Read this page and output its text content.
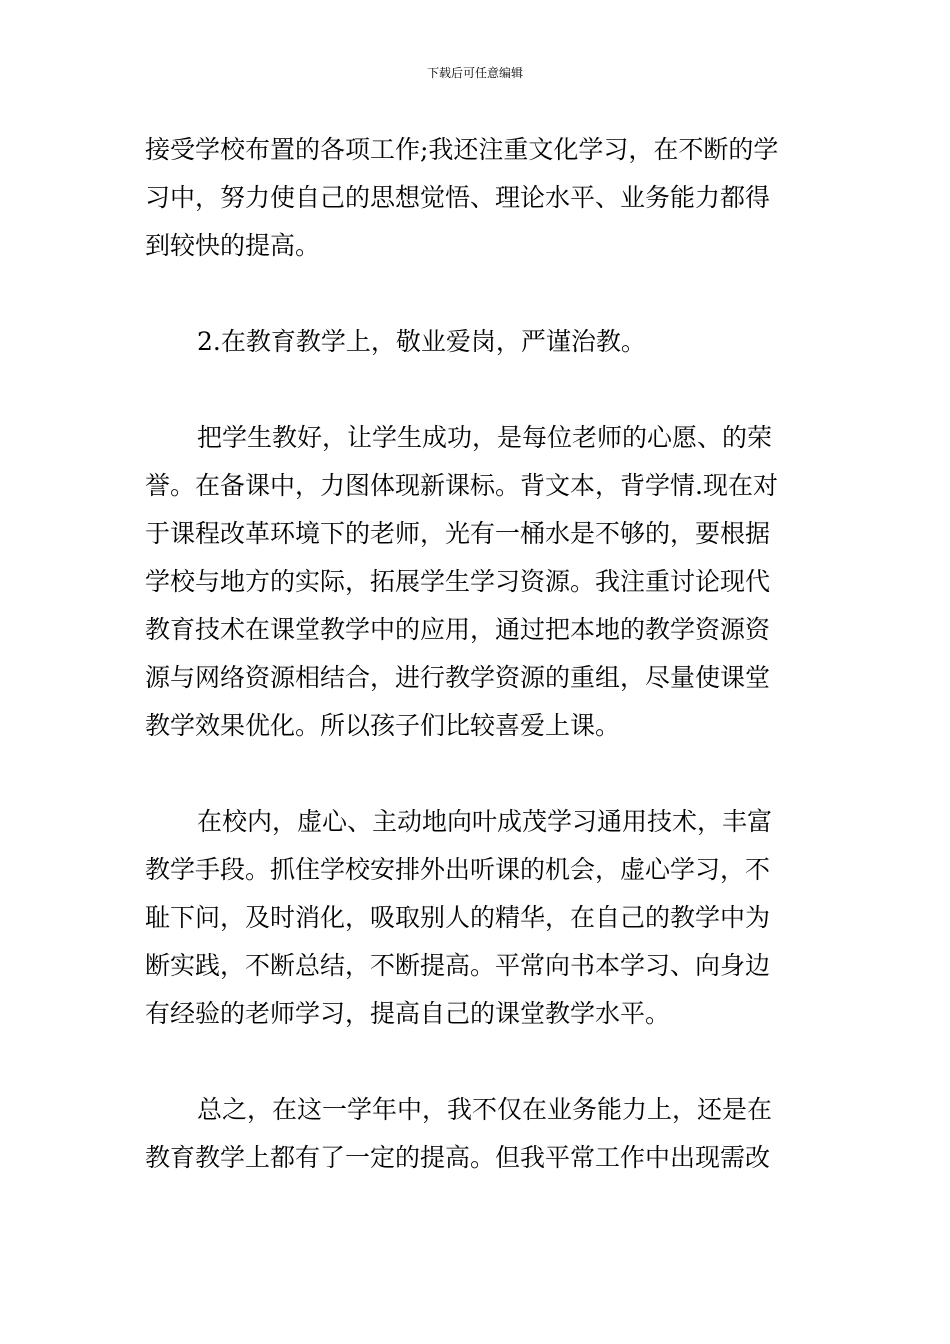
下载后可任意编辑
接受学校布置的各项工作;我还注重文化学习，在不断的学
习中，努力使自己的思想觉悟、理论水平、业务能力都得
到较快的提高。
2.在教育教学上，敬业爱岗，严谨治教。
把学生教好，让学生成功，是每位老师的心愿、的荣
誉。在备课中，力图体现新课标。背文本，背学情.现在对
于课程改革环境下的老师，光有一桶水是不够的，要根据
学校与地方的实际，拓展学生学习资源。我注重讨论现代
教育技术在课堂教学中的应用，通过把本地的教学资源资
源与网络资源相结合，进行教学资源的重组，尽量使课堂
教学效果优化。所以孩子们比较喜爱上课。
在校内，虚心、主动地向叶成茂学习通用技术，丰富
教学手段。抓住学校安排外出听课的机会，虚心学习，不
耻下问，及时消化，吸取别人的精华，在自己的教学中为
断实践，不断总结，不断提高。平常向书本学习、向身边
有经验的老师学习，提高自己的课堂教学水平。
总之，在这一学年中，我不仅在业务能力上，还是在
教育教学上都有了一定的提高。但我平常工作中出现需改
